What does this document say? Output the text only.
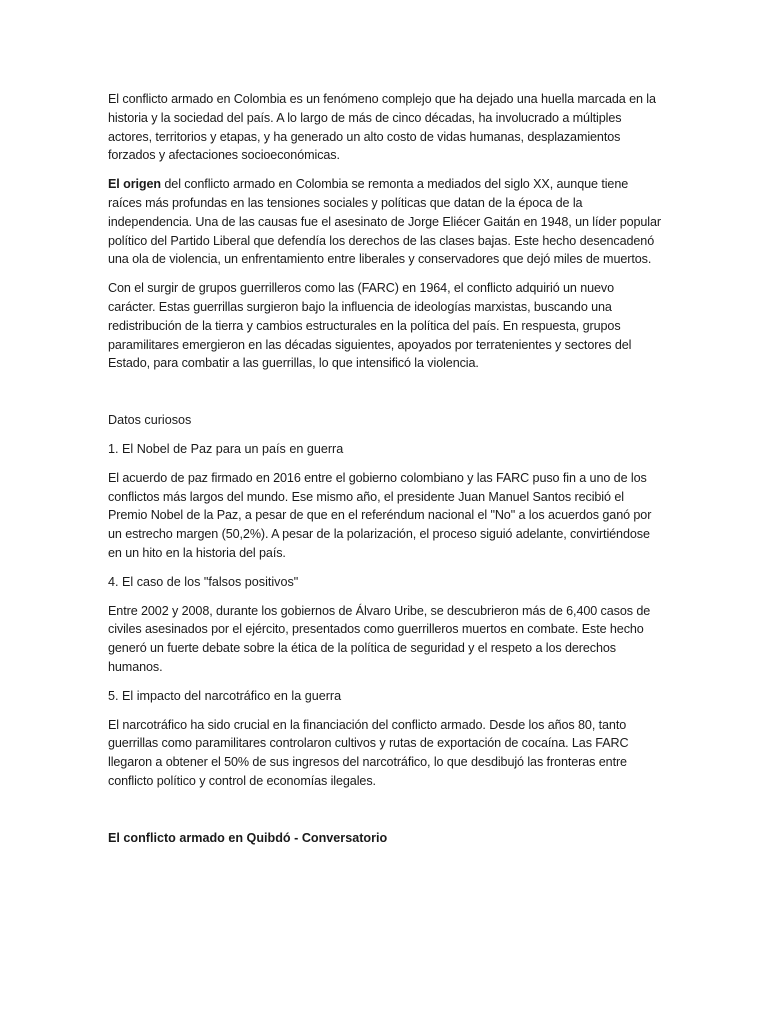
El conflicto armado en Colombia es un fenómeno complejo que ha dejado una huella marcada en la historia y la sociedad del país. A lo largo de más de cinco décadas, ha involucrado a múltiples actores, territorios y etapas, y ha generado un alto costo de vidas humanas, desplazamientos forzados y afectaciones socioeconómicas.

El origen del conflicto armado en Colombia se remonta a mediados del siglo XX, aunque tiene raíces más profundas en las tensiones sociales y políticas que datan de la época de la independencia. Una de las causas fue el asesinato de Jorge Eliécer Gaitán en 1948, un líder popular político del Partido Liberal que defendía los derechos de las clases bajas. Este hecho desencadenó una ola de violencia, un enfrentamiento entre liberales y conservadores que dejó miles de muertos.

Con el surgir de grupos guerrilleros como las (FARC) en 1964, el conflicto adquirió un nuevo carácter. Estas guerrillas surgieron bajo la influencia de ideologías marxistas, buscando una redistribución de la tierra y cambios estructurales en la política del país. En respuesta, grupos paramilitares emergieron en las décadas siguientes, apoyados por terratenientes y sectores del Estado, para combatir a las guerrillas, lo que intensificó la violencia.

Datos curiosos

1. El Nobel de Paz para un país en guerra

El acuerdo de paz firmado en 2016 entre el gobierno colombiano y las FARC puso fin a uno de los conflictos más largos del mundo. Ese mismo año, el presidente Juan Manuel Santos recibió el Premio Nobel de la Paz, a pesar de que en el referéndum nacional el "No" a los acuerdos ganó por un estrecho margen (50,2%). A pesar de la polarización, el proceso siguió adelante, convirtiéndose en un hito en la historia del país.

4. El caso de los "falsos positivos"

Entre 2002 y 2008, durante los gobiernos de Álvaro Uribe, se descubrieron más de 6,400 casos de civiles asesinados por el ejército, presentados como guerrilleros muertos en combate. Este hecho generó un fuerte debate sobre la ética de la política de seguridad y el respeto a los derechos humanos.

5. El impacto del narcotráfico en la guerra

El narcotráfico ha sido crucial en la financiación del conflicto armado. Desde los años 80, tanto guerrillas como paramilitares controlaron cultivos y rutas de exportación de cocaína. Las FARC llegaron a obtener el 50% de sus ingresos del narcotráfico, lo que desdibujó las fronteras entre conflicto político y control de economías ilegales.

El conflicto armado en Quibdó - Conversatorio
